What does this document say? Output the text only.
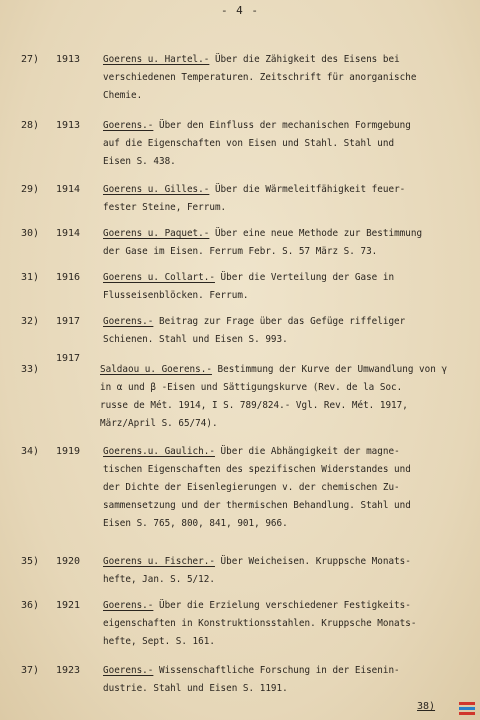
- 4 -
27) 1913 Goerens u. Hartel.- Über die Zähigkeit des Eisens bei
verschiedenen Temperaturen. Zeitschrift für anorganische
Chemie.
28) 1913 Goerens.- Über den Einfluss der mechanischen Formgebung
auf die Eigenschaften von Eisen und Stahl. Stahl und
Eisen S. 438.
29) 1914 Goerens u. Gilles.- Über die Wärmeleitfähigkeit feuer-
fester Steine, Ferrum.
30) 1914 Goerens u. Paquet.- Über eine neue Methode zur Bestimmung
der Gase im Eisen. Ferrum Febr. S. 57 März S. 73.
31) 1916 Goerens u. Collart.- Über die Verteilung der Gase in
Flusseisenblöcken. Ferrum.
32) 1917 Goerens.- Beitrag zur Frage über das Gefüge riffeliger
Schienen. Stahl und Eisen S. 993.
33)
1917
Saldaou u. Goerens.- Bestimmung der Kurve der Umwandlung von γ
in α und β -Eisen und Sättigungskurve (Rev. de la Soc.
russe de Mét. 1914, I S. 789/824.- Vgl. Rev. Mét. 1917,
März/April S. 65/74).
34) 1919 Goerens.u. Gaulich.- Über die Abhängigkeit der magne-
tischen Eigenschaften des spezifischen Widerstandes und
der Dichte der Eisenlegierungen v. der chemischen Zu-
sammensetzung und der thermischen Behandlung. Stahl und
Eisen S. 765, 800, 841, 901, 966.
35) 1920 Goerens u. Fischer.- Über Weicheisen. Kruppsche Monats-
hefte, Jan. S. 5/12.
36) 1921 Goerens.- Über die Erzielung verschiedener Festigkeits-
eigenschaften in Konstruktionsstahlen. Kruppsche Monats-
hefte, Sept. S. 161.
37) 1923 Goerens.- Wissenschaftliche Forschung in der Eisenin-
dustrie. Stahl und Eisen S. 1191.
38)
